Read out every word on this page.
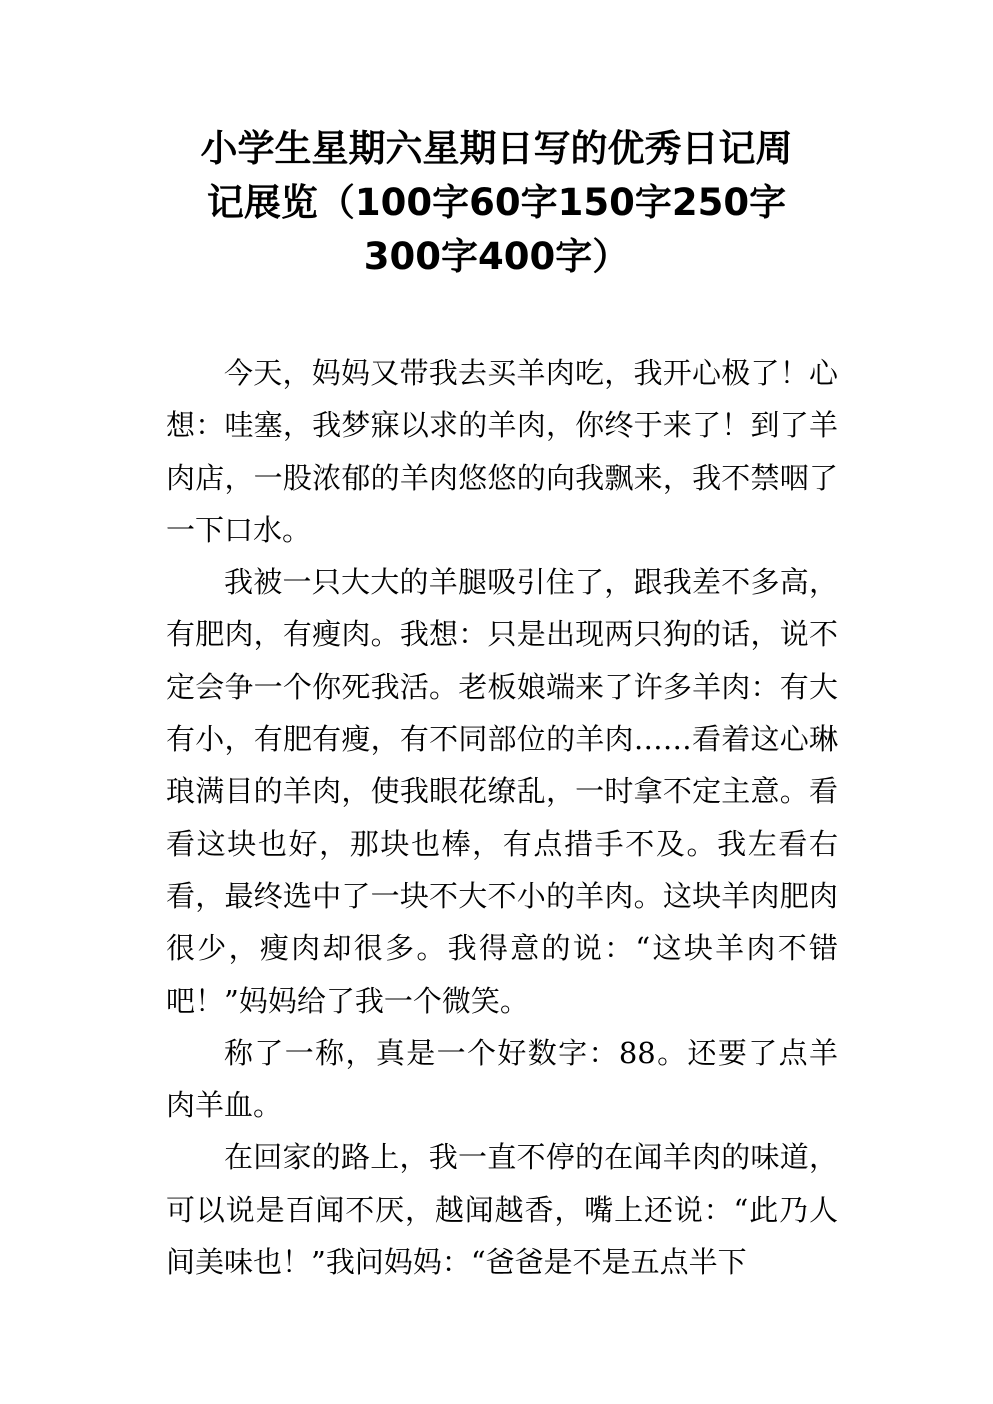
小学生星期六星期日写的优秀日记周
记展览（100字60字150字250字
300字400字）

今天，妈妈又带我去买羊肉吃，我开心极了！心想：哇塞，我梦寐以求的羊肉，你终于来了！到了羊肉店，一股浓郁的羊肉悠悠的向我飘来，我不禁咽了一下口水。

我被一只大大的羊腿吸引住了，跟我差不多高，有肥肉，有瘦肉。我想：只是出现两只狗的话，说不定会争一个你死我活。老板娘端来了许多羊肉：有大有小，有肥有瘦，有不同部位的羊肉……看着这心琳琅满目的羊肉，使我眼花缭乱，一时拿不定主意。看看这块也好，那块也棒，有点措手不及。我左看右看，最终选中了一块不大不小的羊肉。这块羊肉肥肉很少，瘦肉却很多。我得意的说：“这块羊肉不错吧！”妈妈给了我一个微笑。

称了一称，真是一个好数字：88。还要了点羊肉羊血。

在回家的路上，我一直不停的在闻羊肉的味道，可以说是百闻不厌，越闻越香，嘴上还说：“此乃人间美味也！”我问妈妈：“爸爸是不是五点半下
